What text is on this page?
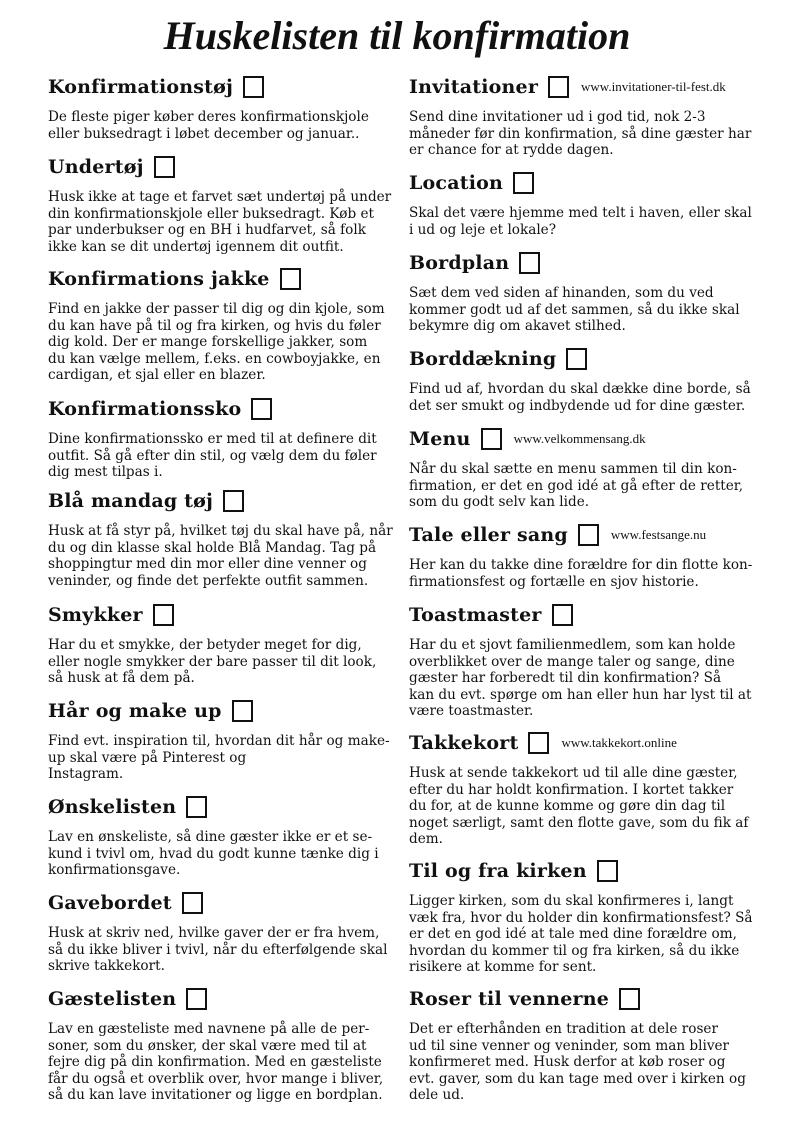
Huskelisten til konfirmation
Konfirmationstøj

De fleste piger køber deres konfirmationskjole
eller buksedragt i løbet december og januar..

Undertøj

Husk ikke at tage et farvet sæt undertøj på under
din konfirmationskjole eller buksedragt. Køb et
par underbukser og en BH i hudfarvet, så folk
ikke kan se dit undertøj igennem dit outfit.

Konfirmations jakke

Find en jakke der passer til dig og din kjole, som
du kan have på til og fra kirken, og hvis du føler
dig kold. Der er mange forskellige jakker, som
du kan vælge mellem, f.eks. en cowboyjakke, en
cardigan, et sjal eller en blazer.

Konfirmationssko

Dine konfirmationssko er med til at definere dit
outfit. Så gå efter din stil, og vælg dem du føler
dig mest tilpas i.

Blå mandag tøj

Husk at få styr på, hvilket tøj du skal have på, når
du og din klasse skal holde Blå Mandag. Tag på
shoppingtur med din mor eller dine venner og
veninder, og finde det perfekte outfit sammen.

Smykker

Har du et smykke, der betyder meget for dig,
eller nogle smykker der bare passer til dit look,
så husk at få dem på.

Hår og make up

Find evt. inspiration til, hvordan dit hår og make-
up skal være på Pinterest og
Instagram.

Ønskelisten

Lav en ønskeliste, så dine gæster ikke er et se-
kund i tvivl om, hvad du godt kunne tænke dig i
konfirmationsgave.

Gavebordet

Husk at skriv ned, hvilke gaver der er fra hvem,
så du ikke bliver i tvivl, når du efterfølgende skal
skrive takkekort.

Gæstelisten

Lav en gæsteliste med navnene på alle de per-
soner, som du ønsker, der skal være med til at
fejre dig på din konfirmation. Med en gæsteliste
får du også et overblik over, hvor mange i bliver,
så du kan lave invitationer og ligge en bordplan.

Invitationer	www.invitationer-til-fest.dk

Send dine invitationer ud i god tid, nok 2-3
måneder før din konfirmation, så dine gæster har
er chance for at rydde dagen.

Location

Skal det være hjemme med telt i haven, eller skal
i ud og leje et lokale?

Bordplan

Sæt dem ved siden af hinanden, som du ved
kommer godt ud af det sammen, så du ikke skal
bekymre dig om akavet stilhed.

Borddækning

Find ud af, hvordan du skal dække dine borde, så
det ser smukt og indbydende ud for dine gæster.

Menu	www.velkommensang.dk

Når du skal sætte en menu sammen til din kon-
firmation, er det en god idé at gå efter de retter,
som du godt selv kan lide.

Tale eller sang	www.festsange.nu

Her kan du takke dine forældre for din flotte kon-
firmationsfest og fortælle en sjov historie.

Toastmaster

Har du et sjovt familienmedlem, som kan holde
overblikket over de mange taler og sange, dine
gæster har forberedt til din konfirmation? Så
kan du evt. spørge om han eller hun har lyst til at
være toastmaster.

Takkekort	www.takkekort.online

Husk at sende takkekort ud til alle dine gæster,
efter du har holdt konfirmation. I kortet takker
du for, at de kunne komme og gøre din dag til
noget særligt, samt den flotte gave, som du fik af
dem.

Til og fra kirken

Ligger kirken, som du skal konfirmeres i, langt
væk fra, hvor du holder din konfirmationsfest? Så
er det en god idé at tale med dine forældre om,
hvordan du kommer til og fra kirken, så du ikke
risikere at komme for sent.

Roser til vennerne

Det er efterhånden en tradition at dele roser
ud til sine venner og veninder, som man bliver
konfirmeret med. Husk derfor at køb roser og
evt. gaver, som du kan tage med over i kirken og
dele ud.
